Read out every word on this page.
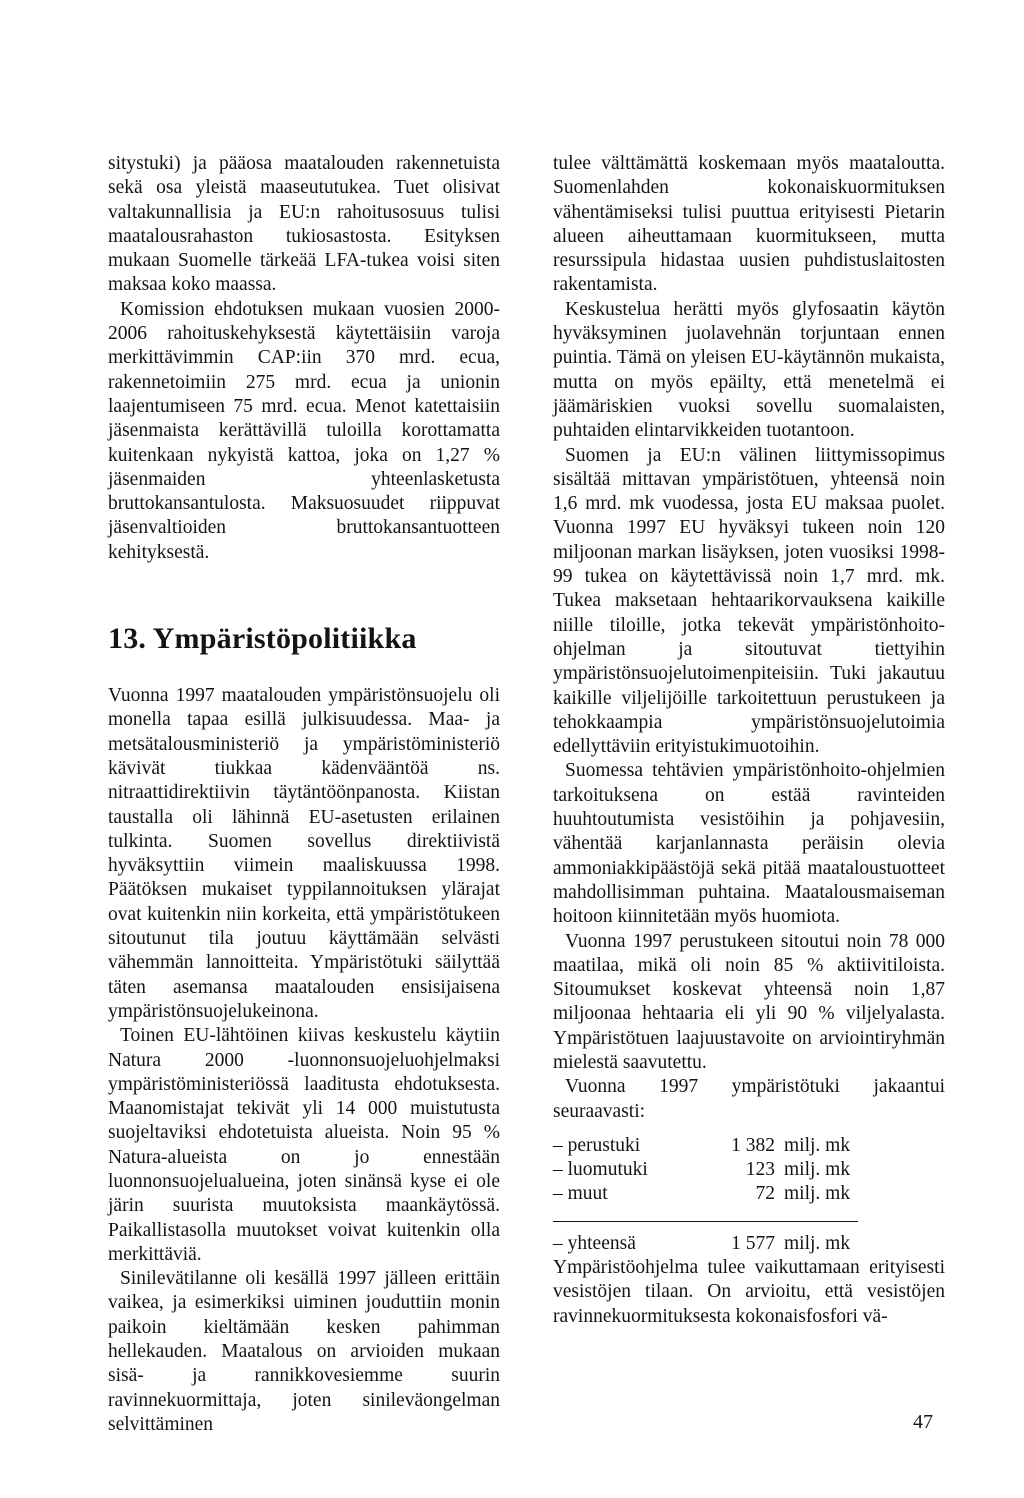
sitystuki) ja pääosa maatalouden rakennetuista sekä osa yleistä maaseututukea. Tuet olisivat valtakunnallisia ja EU:n rahoitusosuus tulisi maatalousrahaston tukiosastosta. Esityksen mukaan Suomelle tärkeää LFA-tukea voisi siten maksaa koko maassa.

Komission ehdotuksen mukaan vuosien 2000-2006 rahoituskehyksestä käytettäisiin varoja merkittävimmin CAP:iin 370 mrd. ecua, rakennetoimiin 275 mrd. ecua ja unionin laajentumiseen 75 mrd. ecua. Menot katettaisiin jäsenmaista kerättävillä tuloilla korottamatta kuitenkaan nykyistä kattoa, joka on 1,27 % jäsenmaiden yhteenlasketusta bruttokansantulosta. Maksuosuudet riippuvat jäsenvaltioiden bruttokansantuotteen kehityksestä.

13. Ympäristöpolitiikka

Vuonna 1997 maatalouden ympäristönsuojelu oli monella tapaa esillä julkisuudessa. Maa- ja metsätalousministeriö ja ympäristöministeriö kävivät tiukkaa kädenvääntöä ns. nitraattidirektiivin täytäntöönpanosta. Kiistan taustalla oli lähinnä EU-asetusten erilainen tulkinta. Suomen sovellus direktiivistä hyväksyttiin viimein maaliskuussa 1998. Päätöksen mukaiset typpilannoituksen ylärajat ovat kuitenkin niin korkeita, että ympäristötukeen sitoutunut tila joutuu käyttämään selvästi vähemmän lannoitteita. Ympäristötuki säilyttää täten asemansa maatalouden ensisijaisena ympäristönsuojelukeinona.

Toinen EU-lähtöinen kiivas keskustelu käytiin Natura 2000 -luonnonsuojeluohjelmaksi ympäristöministeriössä laaditusta ehdotuksesta. Maanomistajat tekivät yli 14 000 muistutusta suojeltaviksi ehdotetuista alueista. Noin 95 % Natura-alueista on jo ennestään luonnonsuojelualueina, joten sinänsä kyse ei ole järin suurista muutoksista maankäytössä. Paikallistasolla muutokset voivat kuitenkin olla merkittäviä.

Sinilevätilanne oli kesällä 1997 jälleen erittäin vaikea, ja esimerkiksi uiminen jouduttiin monin paikoin kieltämään kesken pahimman hellekauden. Maatalous on arvioiden mukaan sisä- ja rannikkovesiemme suurin ravinnekuormittaja, joten sinileväongelman selvittäminen

tulee välttämättä koskemaan myös maataloutta. Suomenlahden kokonaiskuormituksen vähentämiseksi tulisi puuttua erityisesti Pietarin alueen aiheuttamaan kuormitukseen, mutta resurssipula hidastaa uusien puhdistuslaitosten rakentamista.

Keskustelua herätti myös glyfosaatin käytön hyväksyminen juolavehnän torjuntaan ennen puintia. Tämä on yleisen EU-käytännön mukaista, mutta on myös epäilty, että menetelmä ei jäämäriskien vuoksi sovellu suomalaisten, puhtaiden elintarvikkeiden tuotantoon.

Suomen ja EU:n välinen liittymissopimus sisältää mittavan ympäristötuen, yhteensä noin 1,6 mrd. mk vuodessa, josta EU maksaa puolet. Vuonna 1997 EU hyväksyi tukeen noin 120 miljoonan markan lisäyksen, joten vuosiksi 1998-99 tukea on käytettävissä noin 1,7 mrd. mk. Tukea maksetaan hehtaarikorvauksena kaikille niille tiloille, jotka tekevät ympäristönhoito-ohjelman ja sitoutuvat tiettyihin ympäristönsuojelutoimenpiteisiin. Tuki jakautuu kaikille viljelijöille tarkoitettuun perustukeen ja tehokkaampia ympäristönsuojelutoimia edellyttäviin erityistukimuotoihin.

Suomessa tehtävien ympäristönhoito-ohjelmien tarkoituksena on estää ravinteiden huuhtoutumista vesistöihin ja pohjavesiin, vähentää karjanlannasta peräisin olevia ammoniakkipäästöjä sekä pitää maataloustuotteet mahdollisimman puhtaina. Maatalousmaiseman hoitoon kiinnitetään myös huomiota.

Vuonna 1997 perustukeen sitoutui noin 78 000 maatilaa, mikä oli noin 85 % aktiivitiloista. Sitoumukset koskevat yhteensä noin 1,87 miljoonaa hehtaaria eli yli 90 % viljelyalasta. Ympäristötuen laajuustavoite on arviointiryhmän mielestä saavutettu.

Vuonna 1997 ympäristötuki jakaantui seuraavasti:

– perustuki	1 382 milj. mk
– luomutuki	123 milj. mk
– muut	72 milj. mk
– yhteensä	1 577 milj. mk

Ympäristöohjelma tulee vaikuttamaan erityisesti vesistöjen tilaan. On arvioitu, että vesistöjen ravinnekuormituksesta kokonaisfosfori vä-

47
